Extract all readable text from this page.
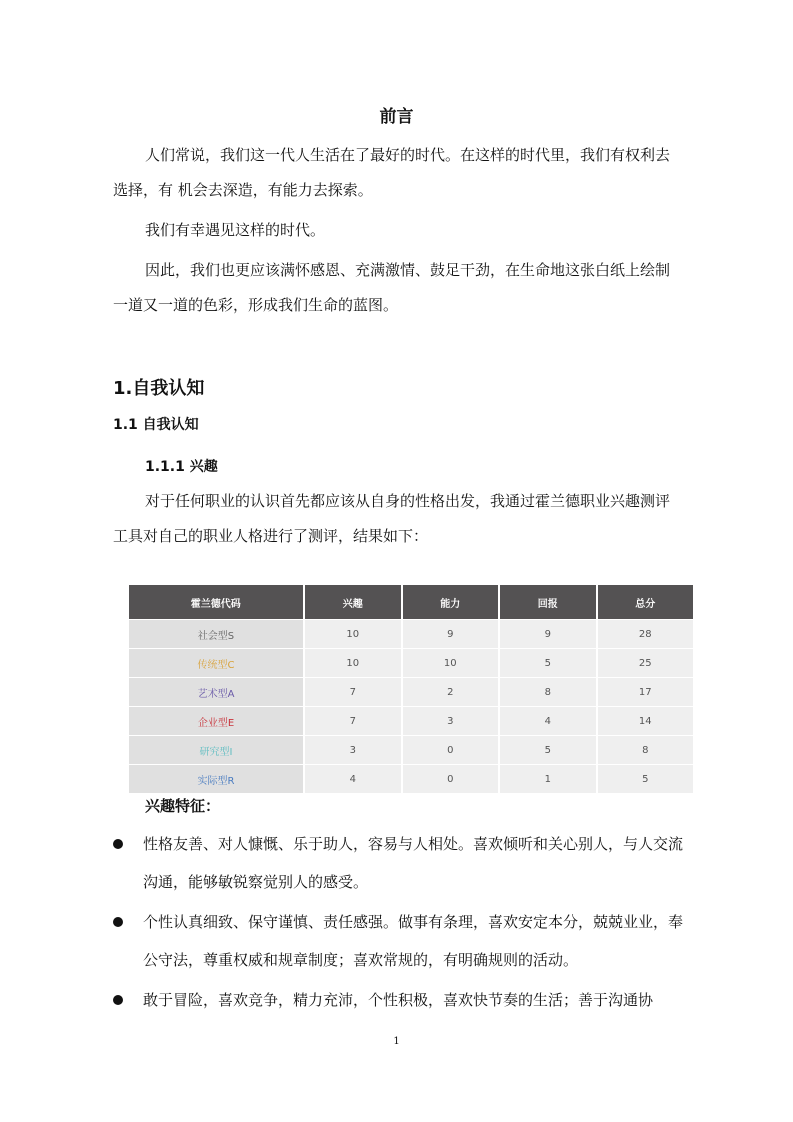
前言
人们常说，我们这一代人生活在了最好的时代。在这样的时代里，我们有权利去选择，有 机会去深造，有能力去探索。
我们有幸遇见这样的时代。
因此，我们也更应该满怀感恩、充满激情、鼓足干劲，在生命地这张白纸上绘制一道又一道的色彩，形成我们生命的蓝图。
1.自我认知
1.1 自我认知
1.1.1 兴趣
对于任何职业的认识首先都应该从自身的性格出发，我通过霍兰德职业兴趣测评工具对自己的职业人格进行了测评，结果如下：
霍兰德代码	兴趣	能力	回报	总分
社会型S	10	9	9	28
传统型C	10	10	5	25
艺术型A	7	2	8	17
企业型E	7	3	4	14
研究型I	3	0	5	8
实际型R	4	0	1	5
兴趣特征：
性格友善、对人慷慨、乐于助人，容易与人相处。喜欢倾听和关心别人，与人交流沟通，能够敏锐察觉别人的感受。
个性认真细致、保守谨慎、责任感强。做事有条理，喜欢安定本分，兢兢业业，奉公守法，尊重权威和规章制度；喜欢常规的，有明确规则的活动。
敢于冒险，喜欢竞争，精力充沛，个性积极，喜欢快节奏的生活；善于沟通协
1
